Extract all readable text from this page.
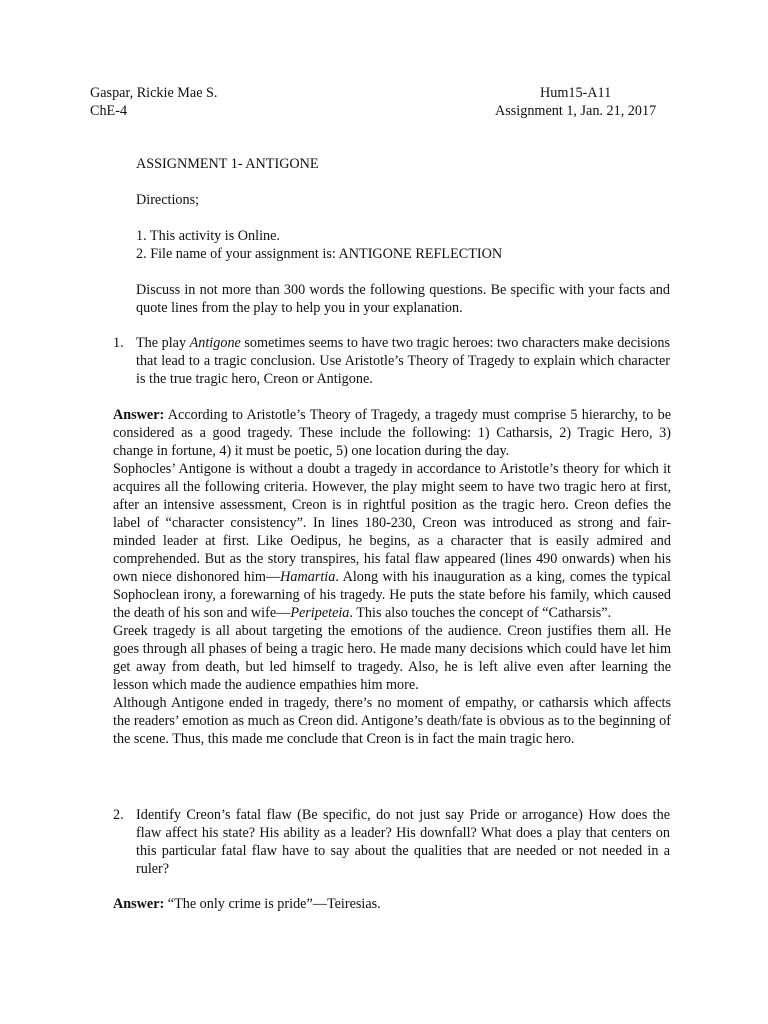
Gaspar, Rickie Mae S.	Hum15-A11
ChE-4	Assignment 1, Jan. 21, 2017
ASSIGNMENT 1- ANTIGONE
Directions;
1. This activity is Online.
2. File name of your assignment is: ANTIGONE REFLECTION
Discuss in not more than 300 words the following questions. Be specific with your facts and quote lines from the play to help you in your explanation.
1. The play Antigone sometimes seems to have two tragic heroes: two characters make decisions that lead to a tragic conclusion. Use Aristotle’s Theory of Tragedy to explain which character is the true tragic hero, Creon or Antigone.

Answer: According to Aristotle’s Theory of Tragedy, a tragedy must comprise 5 hierarchy, to be considered as a good tragedy. These include the following: 1) Catharsis, 2) Tragic Hero, 3) change in fortune, 4) it must be poetic, 5) one location during the day.

Sophocles’ Antigone is without a doubt a tragedy in accordance to Aristotle’s theory for which it acquires all the following criteria. However, the play might seem to have two tragic hero at first, after an intensive assessment, Creon is in rightful position as the tragic hero. Creon defies the label of “character consistency”. In lines 180-230, Creon was introduced as strong and fair-minded leader at first. Like Oedipus, he begins, as a character that is easily admired and comprehended. But as the story transpires, his fatal flaw appeared (lines 490 onwards) when his own niece dishonored him—Hamartia. Along with his inauguration as a king, comes the typical Sophoclean irony, a forewarning of his tragedy. He puts the state before his family, which caused the death of his son and wife—Peripeteia. This also touches the concept of “Catharsis”.

Greek tragedy is all about targeting the emotions of the audience. Creon justifies them all. He goes through all phases of being a tragic hero. He made many decisions which could have let him get away from death, but led himself to tragedy. Also, he is left alive even after learning the lesson which made the audience empathies him more.

Although Antigone ended in tragedy, there’s no moment of empathy, or catharsis which affects the readers’ emotion as much as Creon did. Antigone’s death/fate is obvious as to the beginning of the scene. Thus, this made me conclude that Creon is in fact the main tragic hero.

2. Identify Creon’s fatal flaw (Be specific, do not just say Pride or arrogance) How does the flaw affect his state? His ability as a leader? His downfall? What does a play that centers on this particular fatal flaw have to say about the qualities that are needed or not needed in a ruler?
Answer: “The only crime is pride”—Teiresias.
